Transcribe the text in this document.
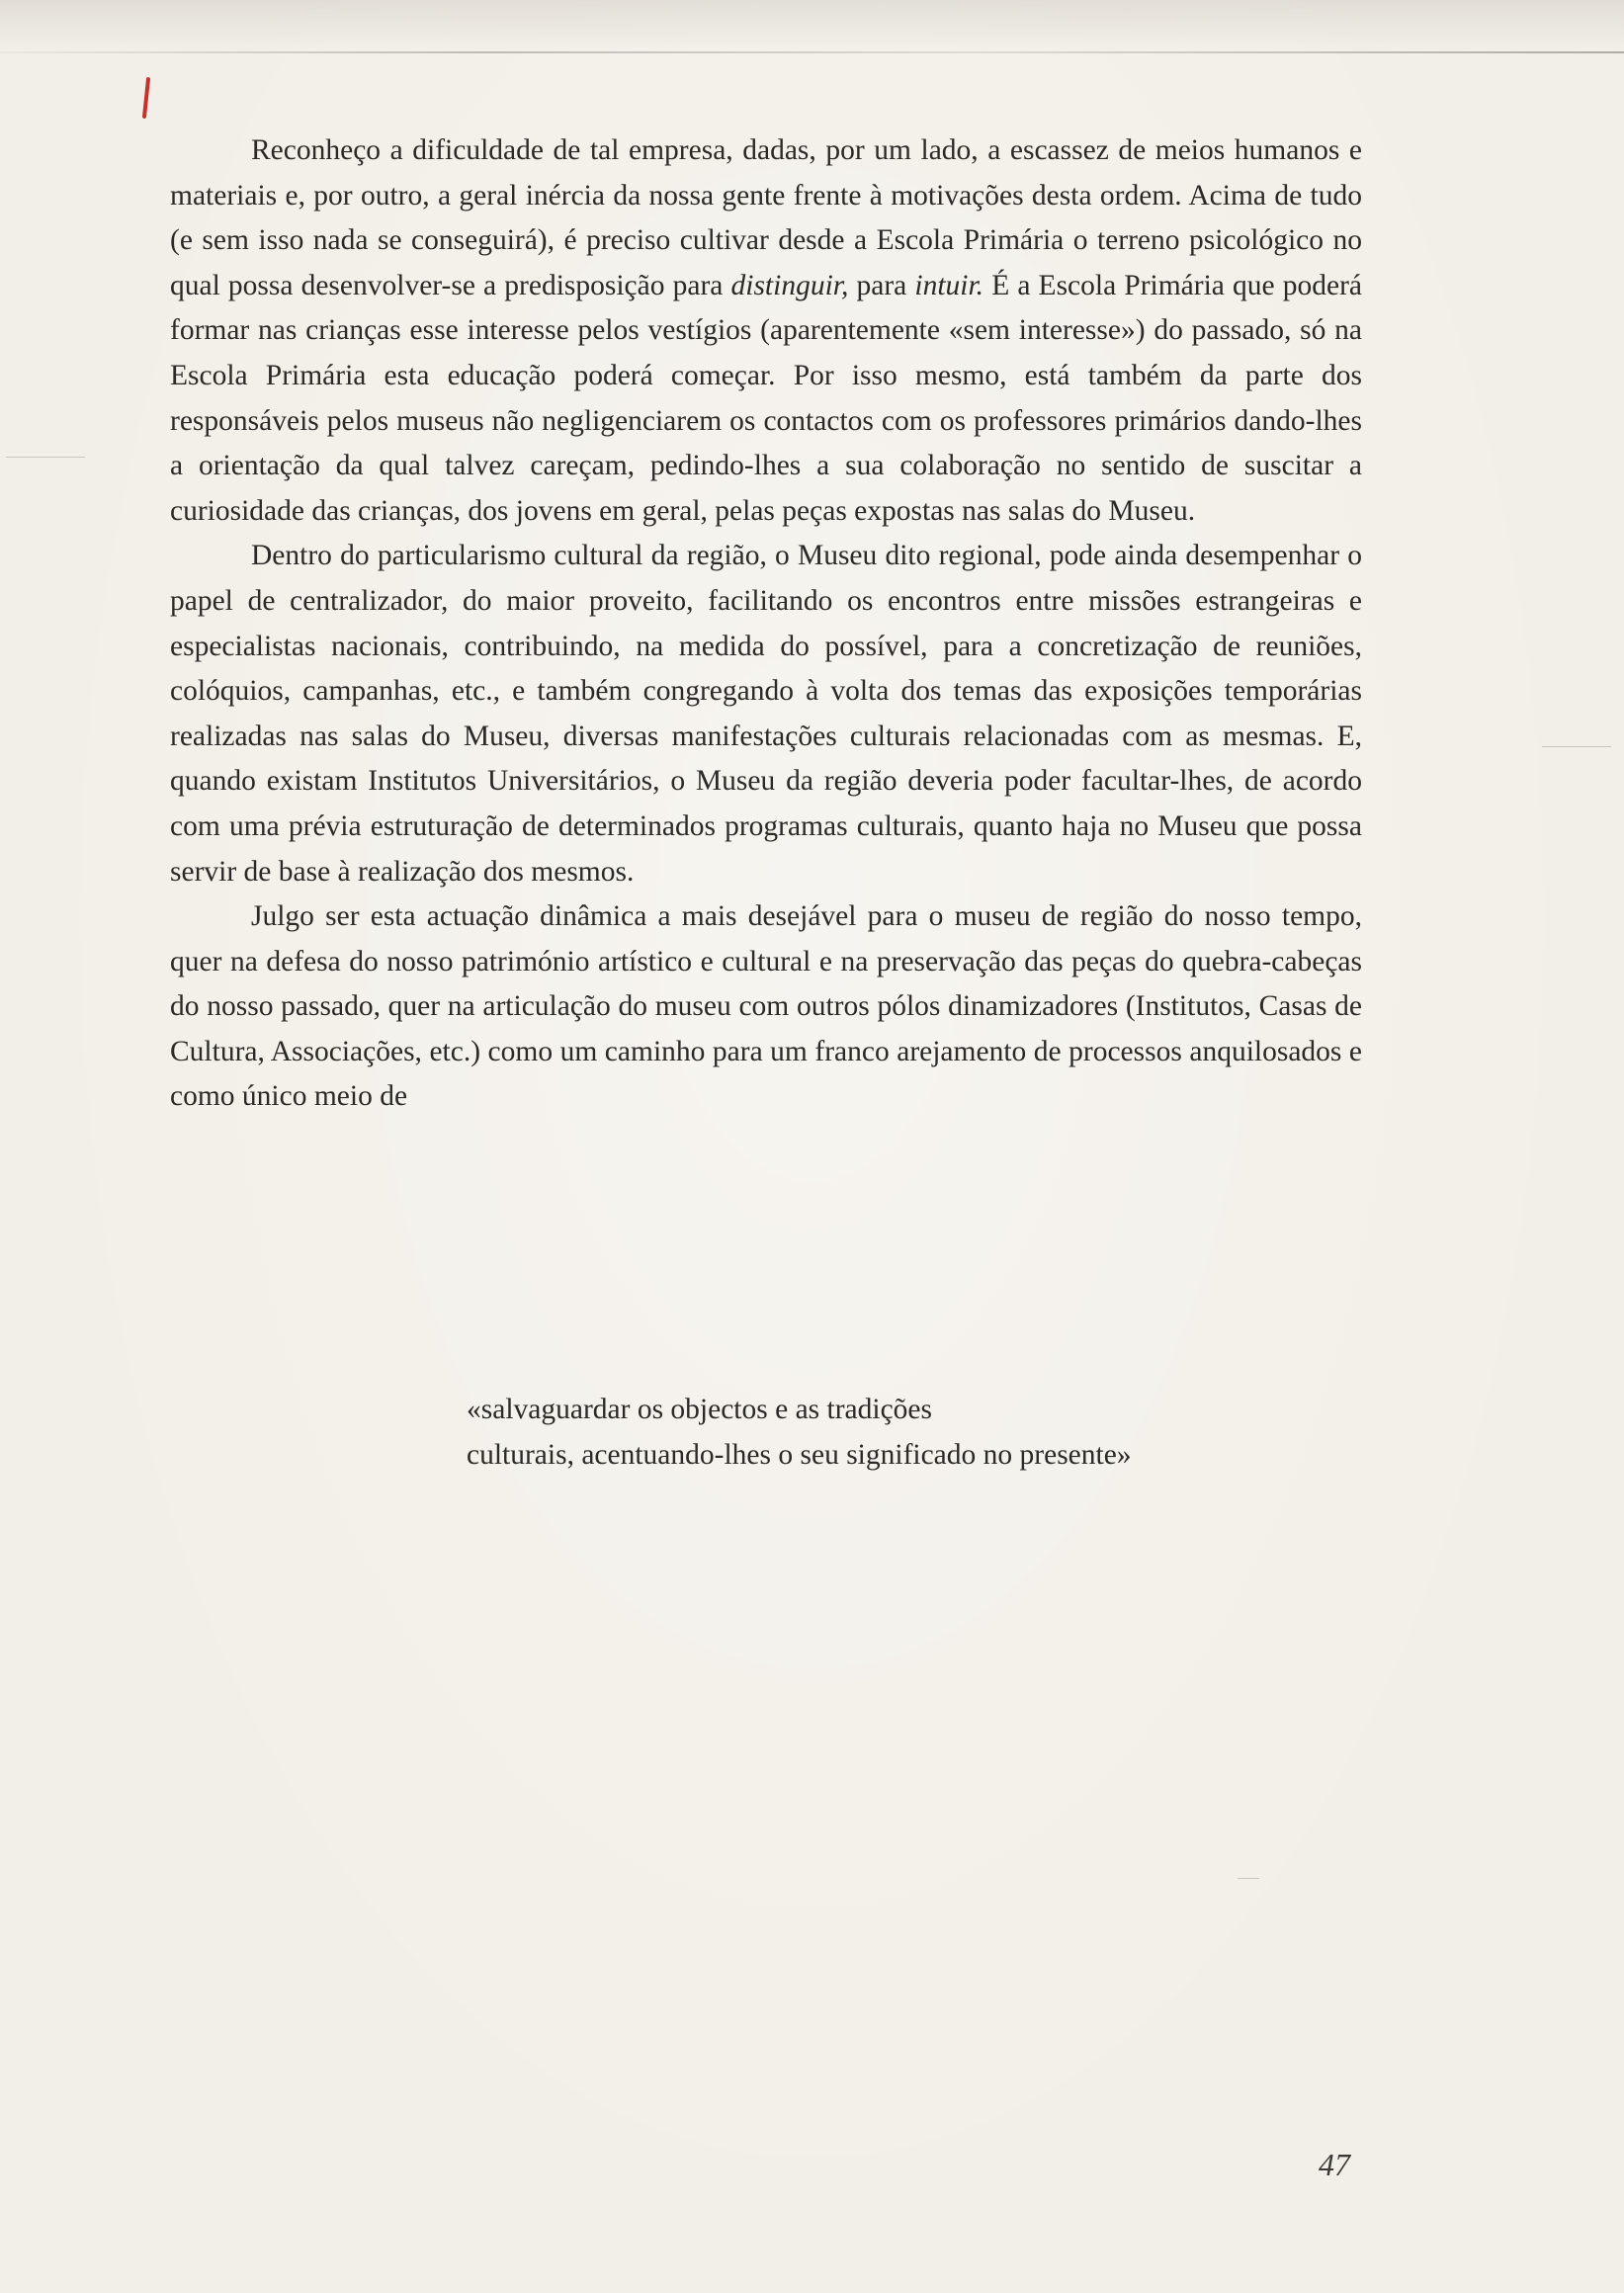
Reconheço a dificuldade de tal empresa, dadas, por um lado, a escassez de meios humanos e materiais e, por outro, a geral inércia da nossa gente frente à motivações desta ordem. Acima de tudo (e sem isso nada se conseguirá), é preciso cultivar desde a Escola Primária o terreno psicológico no qual possa desenvolver-se a predisposição para distinguir, para intuir. É a Escola Primária que poderá formar nas crianças esse interesse pelos vestígios (aparentemente «sem interesse») do passado, só na Escola Primária esta educação poderá começar. Por isso mesmo, está também da parte dos responsáveis pelos museus não negligenciarem os contactos com os professores primários dando-lhes a orientação da qual talvez careçam, pedindo-lhes a sua colaboração no sentido de suscitar a curiosidade das crianças, dos jovens em geral, pelas peças expostas nas salas do Museu.

Dentro do particularismo cultural da região, o Museu dito regional, pode ainda desempenhar o papel de centralizador, do maior proveito, facilitando os encontros entre missões estrangeiras e especialistas nacionais, contribuindo, na medida do possível, para a concretização de reuniões, colóquios, campanhas, etc., e também congregando à volta dos temas das exposições temporárias realizadas nas salas do Museu, diversas manifestações culturais relacionadas com as mesmas. E, quando existam Institutos Universitários, o Museu da região deveria poder facultar-lhes, de acordo com uma prévia estruturação de determinados programas culturais, quanto haja no Museu que possa servir de base à realização dos mesmos.

Julgo ser esta actuação dinâmica a mais desejável para o museu de região do nosso tempo, quer na defesa do nosso património artístico e cultural e na preservação das peças do quebra-cabeças do nosso passado, quer na articulação do museu com outros pólos dinamizadores (Institutos, Casas de Cultura, Associações, etc.) como um caminho para um franco arejamento de processos anquilosados e como único meio de

«salvaguardar os objectos e as tradições

culturais, acentuando-lhes o seu significado no presente»

47
